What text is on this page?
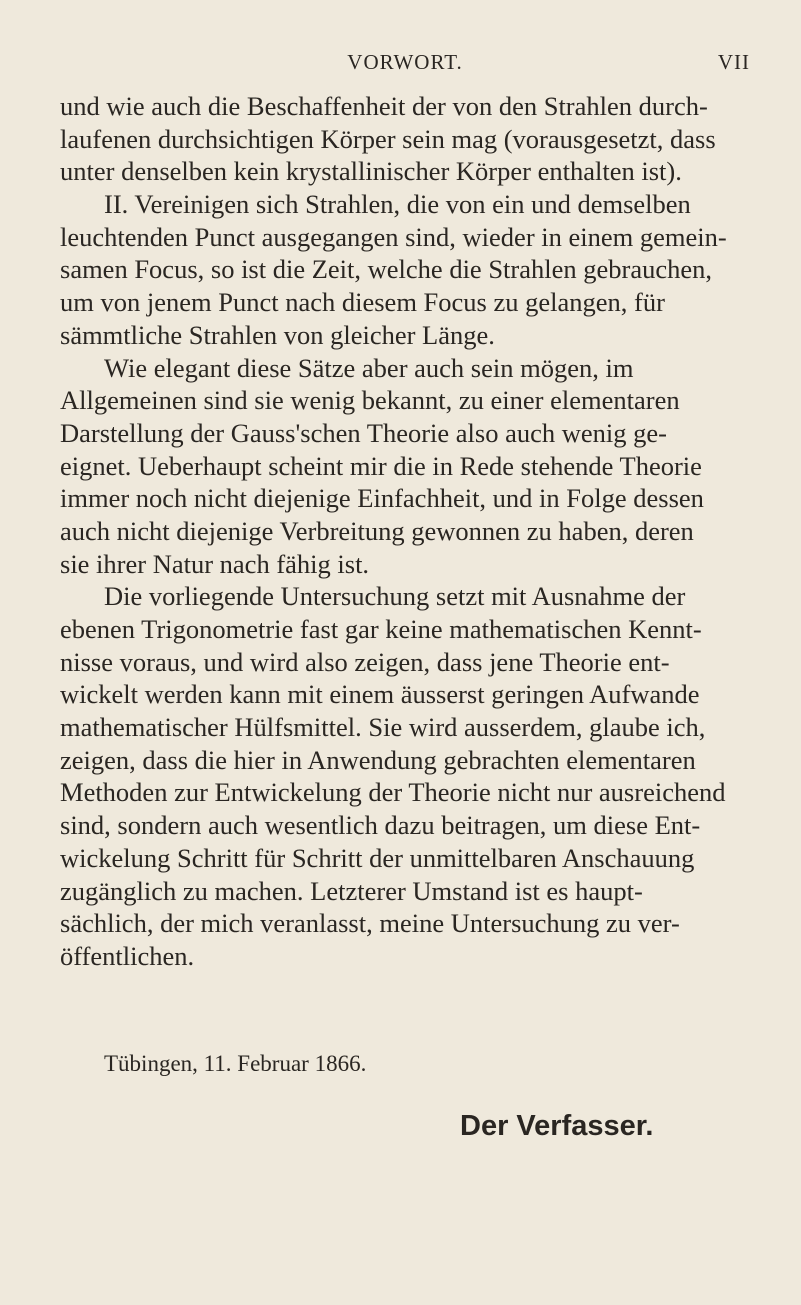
VORWORT.	VII
und wie auch die Beschaffenheit der von den Strahlen durch-
laufenen durchsichtigen Körper sein mag (vorausgesetzt, dass
unter denselben kein krystallinischer Körper enthalten ist).
II. Vereinigen sich Strahlen, die von ein und demselben
leuchtenden Punct ausgegangen sind, wieder in einem gemein-
samen Focus, so ist die Zeit, welche die Strahlen gebrauchen,
um von jenem Punct nach diesem Focus zu gelangen, für
sämmtliche Strahlen von gleicher Länge.
Wie elegant diese Sätze aber auch sein mögen, im
Allgemeinen sind sie wenig bekannt, zu einer elementaren
Darstellung der Gauss'schen Theorie also auch wenig ge-
eignet. Ueberhaupt scheint mir die in Rede stehende Theorie
immer noch nicht diejenige Einfachheit, und in Folge dessen
auch nicht diejenige Verbreitung gewonnen zu haben, deren
sie ihrer Natur nach fähig ist.
Die vorliegende Untersuchung setzt mit Ausnahme der
ebenen Trigonometrie fast gar keine mathematischen Kennt-
nisse voraus, und wird also zeigen, dass jene Theorie ent-
wickelt werden kann mit einem äusserst geringen Aufwande
mathematischer Hülfsmittel. Sie wird ausserdem, glaube ich,
zeigen, dass die hier in Anwendung gebrachten elementaren
Methoden zur Entwickelung der Theorie nicht nur ausreichend
sind, sondern auch wesentlich dazu beitragen, um diese Ent-
wickelung Schritt für Schritt der unmittelbaren Anschauung
zugänglich zu machen. Letzterer Umstand ist es haupt-
sächlich, der mich veranlasst, meine Untersuchung zu ver-
öffentlichen.
Tübingen, 11. Februar 1866.
Der Verfasser.
